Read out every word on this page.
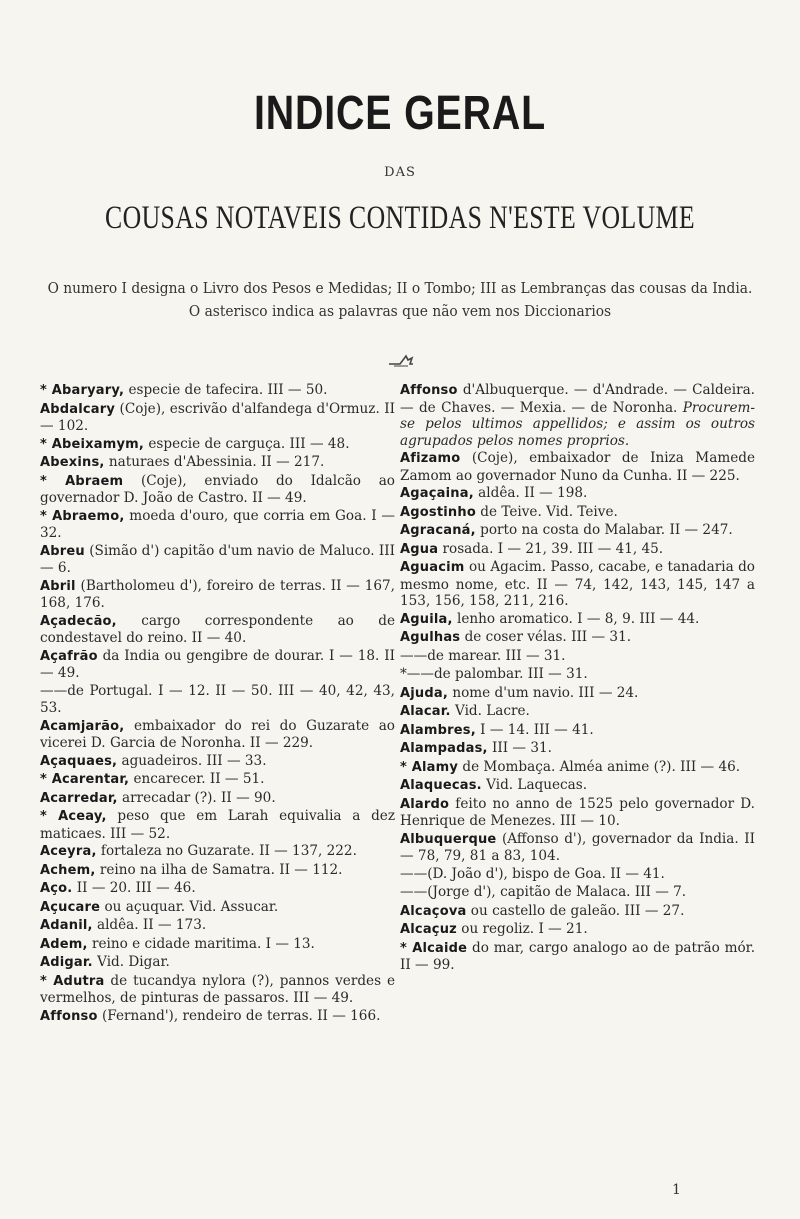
INDICE GERAL
DAS
COUSAS NOTAVEIS CONTIDAS N'ESTE VOLUME
O numero I designa o Livro dos Pesos e Medidas; II o Tombo; III as Lembranças das cousas da India.
O asterisco indica as palavras que não vem nos Diccionarios
* Abaryary, especie de tafecira. III — 50.
Abdalcary (Coje), escrivão d'alfandega d'Ormuz. II — 102.
* Abeixamym, especie de carguça. III — 48.
Abexins, naturaes d'Abessinia. II — 217.
* Abraem (Coje), enviado do Idalcão ao governador D. João de Castro. II — 49.
* Abraemo, moeda d'ouro, que corria em Goa. I — 32.
Abreu (Simão d') capitão d'um navio de Maluco. III — 6.
Abril (Bartholomeu d'), foreiro de terras. II — 167, 168, 176.
Açadecão, cargo correspondente ao de condestavel do reino. II — 40.
Açafrão da India ou gengibre de dourar. I — 18. II — 49.
——de Portugal. I — 12. II — 50. III — 40, 42, 43, 53.
Acamjarão, embaixador do rei do Guzarate ao vicerei D. Garcia de Noronha. II — 229.
Açaquaes, aguadeiros. III — 33.
* Acarentar, encarecer. II — 51.
Acarredar, arrecadar (?). II — 90.
* Aceay, peso que em Larah equivalia a dez maticaes. III — 52.
Aceyra, fortaleza no Guzarate. II — 137, 222.
Achem, reino na ilha de Samatra. II — 112.
Aço. II — 20. III — 46.
Açucare ou açuquar. Vid. Assucar.
Adanil, aldêa. II — 173.
Adem, reino e cidade maritima. I — 13.
Adigar. Vid. Digar.
* Adutra de tucandya nylora (?), pannos verdes e vermelhos, de pinturas de passaros. III — 49.
Affonso (Fernand'), rendeiro de terras. II — 166.
Affonso d'Albuquerque. — d'Andrade. — Caldeira. — de Chaves. — Mexia. — de Noronha. Procurem-se pelos ultimos appellidos; e assim os outros agrupados pelos nomes proprios.
Afizamo (Coje), embaixador de Iniza Mamede Zamom ao governador Nuno da Cunha. II — 225.
Agaçaina, aldêa. II — 198.
Agostinho de Teive. Vid. Teive.
Agracaná, porto na costa do Malabar. II — 247.
Agua rosada. I — 21, 39. III — 41, 45.
Aguacim ou Agacim. Passo, cacabe, e tanadaria do mesmo nome, etc. II — 74, 142, 143, 145, 147 a 153, 156, 158, 211, 216.
Aguila, lenho aromatico. I — 8, 9. III — 44.
Agulhas de coser vélas. III — 31.
——de marear. III — 31.
*——de palombar. III — 31.
Ajuda, nome d'um navio. III — 24.
Alacar. Vid. Lacre.
Alambres, I — 14. III — 41.
Alampadas, III — 31.
* Alamy de Mombaça. Alméa anime (?). III — 46.
Alaquecas. Vid. Laquecas.
Alardo feito no anno de 1525 pelo governador D. Henrique de Menezes. III — 10.
Albuquerque (Affonso d'), governador da India. II — 78, 79, 81 a 83, 104.
——(D. João d'), bispo de Goa. II — 41.
——(Jorge d'), capitão de Malaca. III — 7.
Alcaçova ou castello de galeão. III — 27.
Alcaçuz ou regoliz. I — 21.
* Alcaide do mar, cargo analogo ao de patrão mór. II — 99.
1
